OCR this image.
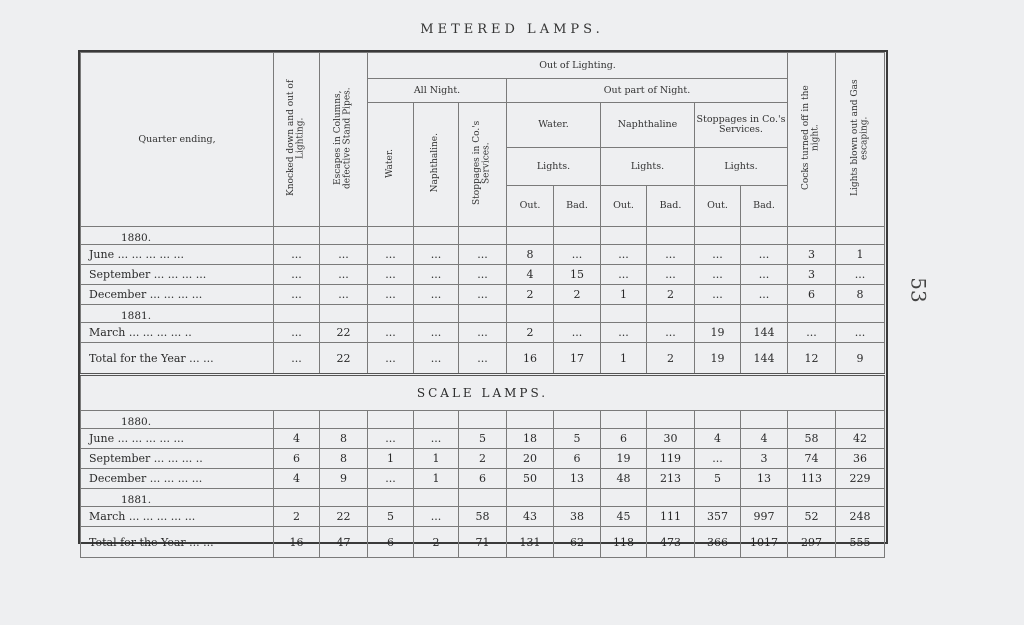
METERED LAMPS.
53
Quarter ending,	Knocked down and out of Lighting.	Escapes in Columns, defective Stand Pipes.	Out of Lighting.									Cocks turned off in the night.	Lights blown out and Gas escaping.
			All Night.			Out part of Night.							
			Water.	Naphthaline.	Stoppages in Co.'s Services.	Water.		Naphthaline		Stoppages in Co.'s Services.			

						Lights.		Lights.		Lights.			
						Out.	Bad.	Out.	Bad.	Out.	Bad.		
1880.													
June ... ... ... ... ...	...	...	...	...	...	8	...	...	...	...	...	3	1
September ... ... ... ...	...	...	...	...	...	4	15	...	...	...	...	3	...
December ... ... ... ...	...	...	...	...	...	2	2	1	2	...	...	6	8
1881.													
March ... ... ... ... ..	...	22	...	...	...	2	...	...	...	19	144	...	...
Total for the Year ... ...	...	22	...	...	...	16	17	1	2	19	144	12	9
SCALE LAMPS.													
1880.													
June ... ... ... ... ...	4	8	...	...	5	18	5	6	30	4	4	58	42
September ... ... ... ..	6	8	1	1	2	20	6	19	119	...	3	74	36
December ... ... ... ...	4	9	...	1	6	50	13	48	213	5	13	113	229
1881.													
March ... ... ... ... ...	2	22	5	...	58	43	38	45	111	357	997	52	248
Total for the Year ... ...	16	47	6	2	71	131	62	118	473	366	1017	297	555
